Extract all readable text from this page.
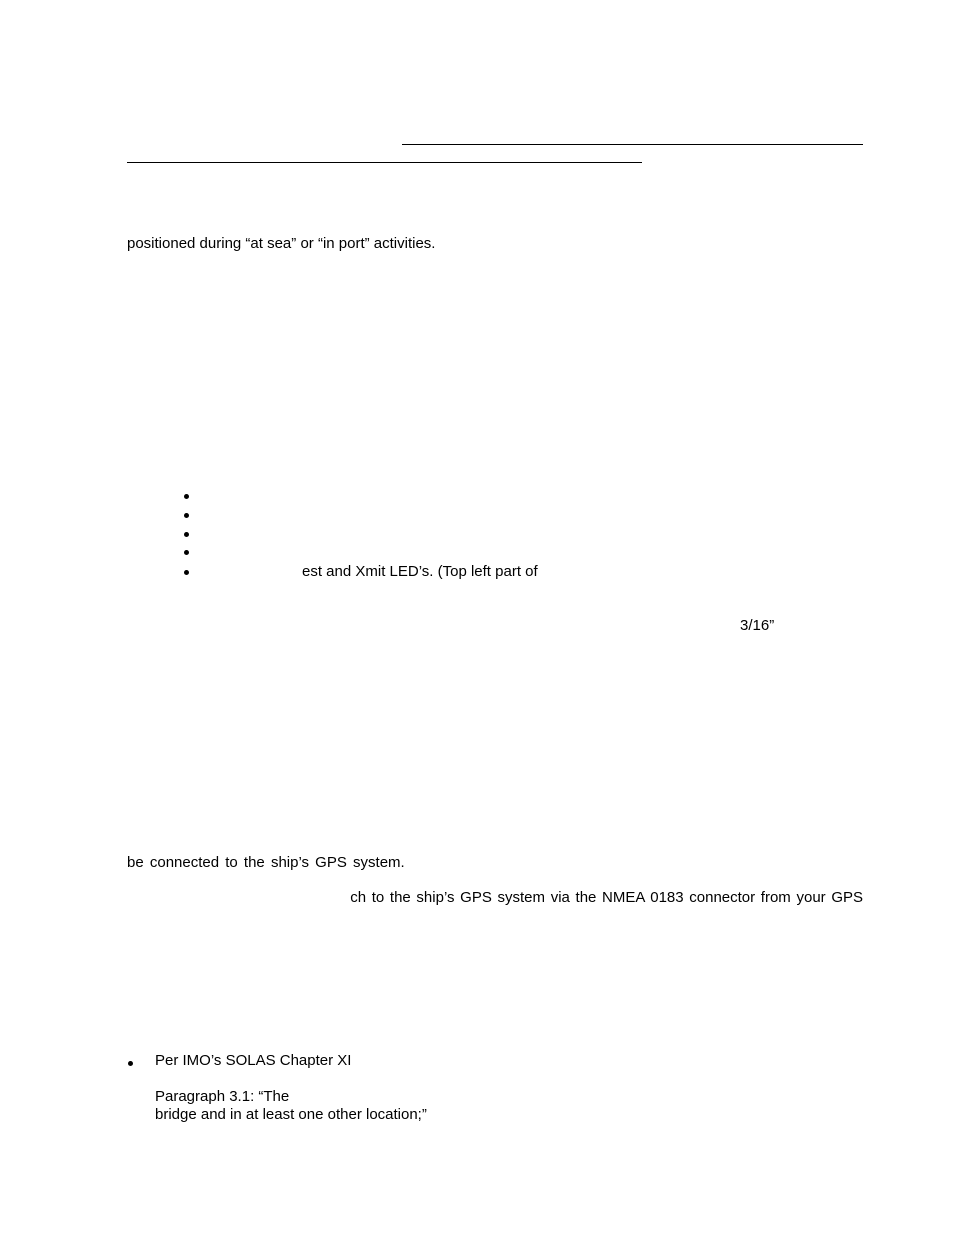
positioned during “at sea” or “in port” activities.
est and Xmit LED’s. (Top left part of
3/16”
be connected to the ship’s GPS system.
ch to the ship’s GPS system via the NMEA 0183 connector from your GPS
Per IMO’s SOLAS Chapter XI
Paragraph 3.1: “The
bridge and in at least one other location;”
